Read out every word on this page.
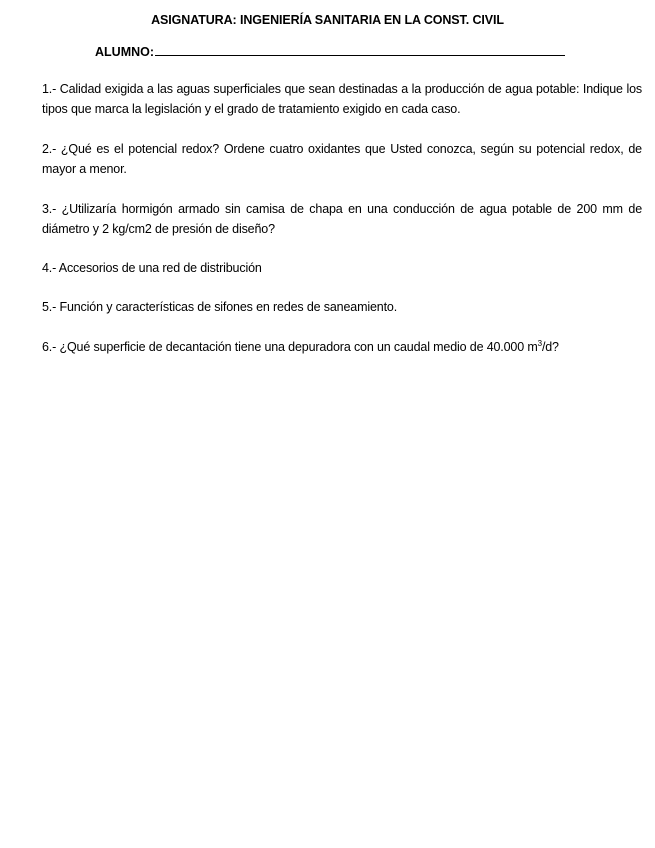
ASIGNATURA: INGENIERÍA SANITARIA EN LA CONST. CIVIL
ALUMNO:
1.- Calidad exigida a las aguas superficiales que sean destinadas a la producción de agua potable: Indique los tipos que marca la legislación y el grado de tratamiento exigido en cada caso.
2.- ¿Qué es el potencial redox? Ordene cuatro oxidantes que Usted conozca, según su potencial redox, de mayor a menor.
3.- ¿Utilizaría hormigón armado sin camisa de chapa en una conducción de agua potable de 200 mm de diámetro y 2 kg/cm2 de presión de diseño?
4.- Accesorios de una red de distribución
5.- Función y características de sifones en redes de saneamiento.
6.- ¿Qué superficie de decantación tiene una depuradora con un caudal medio de 40.000 $m^3/d$?
